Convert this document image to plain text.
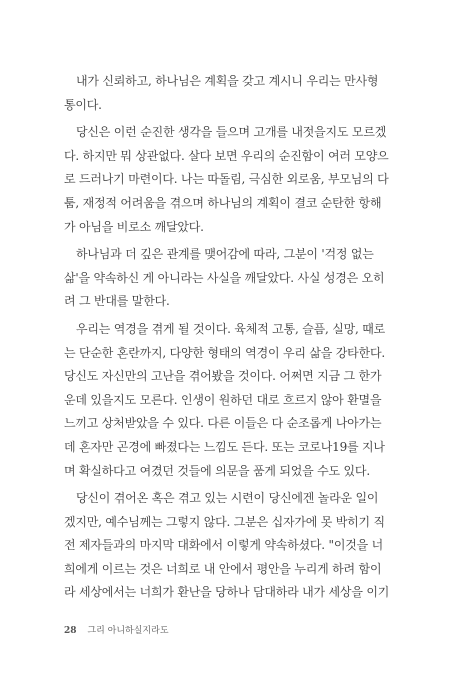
내가 신뢰하고, 하나님은 계획을 갖고 계시니 우리는 만사형
통이다.

당신은 이런 순진한 생각을 들으며 고개를 내젓을지도 모르겠
다. 하지만 뭐 상관없다. 살다 보면 우리의 순진함이 여러 모양으
로 드러나기 마련이다. 나는 따돌림, 극심한 외로움, 부모님의 다
툼, 재정적 어려움을 겪으며 하나님의 계획이 결코 순탄한 항해
가 아님을 비로소 깨달았다.

하나님과 더 깊은 관계를 맺어감에 따라, 그분이 '걱정 없는
삶'을 약속하신 게 아니라는 사실을 깨달았다. 사실 성경은 오히
려 그 반대를 말한다.

우리는 역경을 겪게 될 것이다. 육체적 고통, 슬픔, 실망, 때로
는 단순한 혼란까지, 다양한 형태의 역경이 우리 삶을 강타한다.
당신도 자신만의 고난을 겪어봤을 것이다. 어쩌면 지금 그 한가
운데 있을지도 모른다. 인생이 원하던 대로 흐르지 않아 환멸을
느끼고 상처받았을 수 있다. 다른 이들은 다 순조롭게 나아가는
데 혼자만 곤경에 빠졌다는 느낌도 든다. 또는 코로나19를 지나
며 확실하다고 여겼던 것들에 의문을 품게 되었을 수도 있다.

당신이 겪어온 혹은 겪고 있는 시련이 당신에겐 놀라운 일이
겠지만, 예수님께는 그렇지 않다. 그분은 십자가에 못 박히기 직
전 제자들과의 마지막 대화에서 이렇게 약속하셨다. "이것을 너
희에게 이르는 것은 너희로 내 안에서 평안을 누리게 하려 함이
라 세상에서는 너희가 환난을 당하나 담대하라 내가 세상을 이기

28 그리 아니하실지라도
